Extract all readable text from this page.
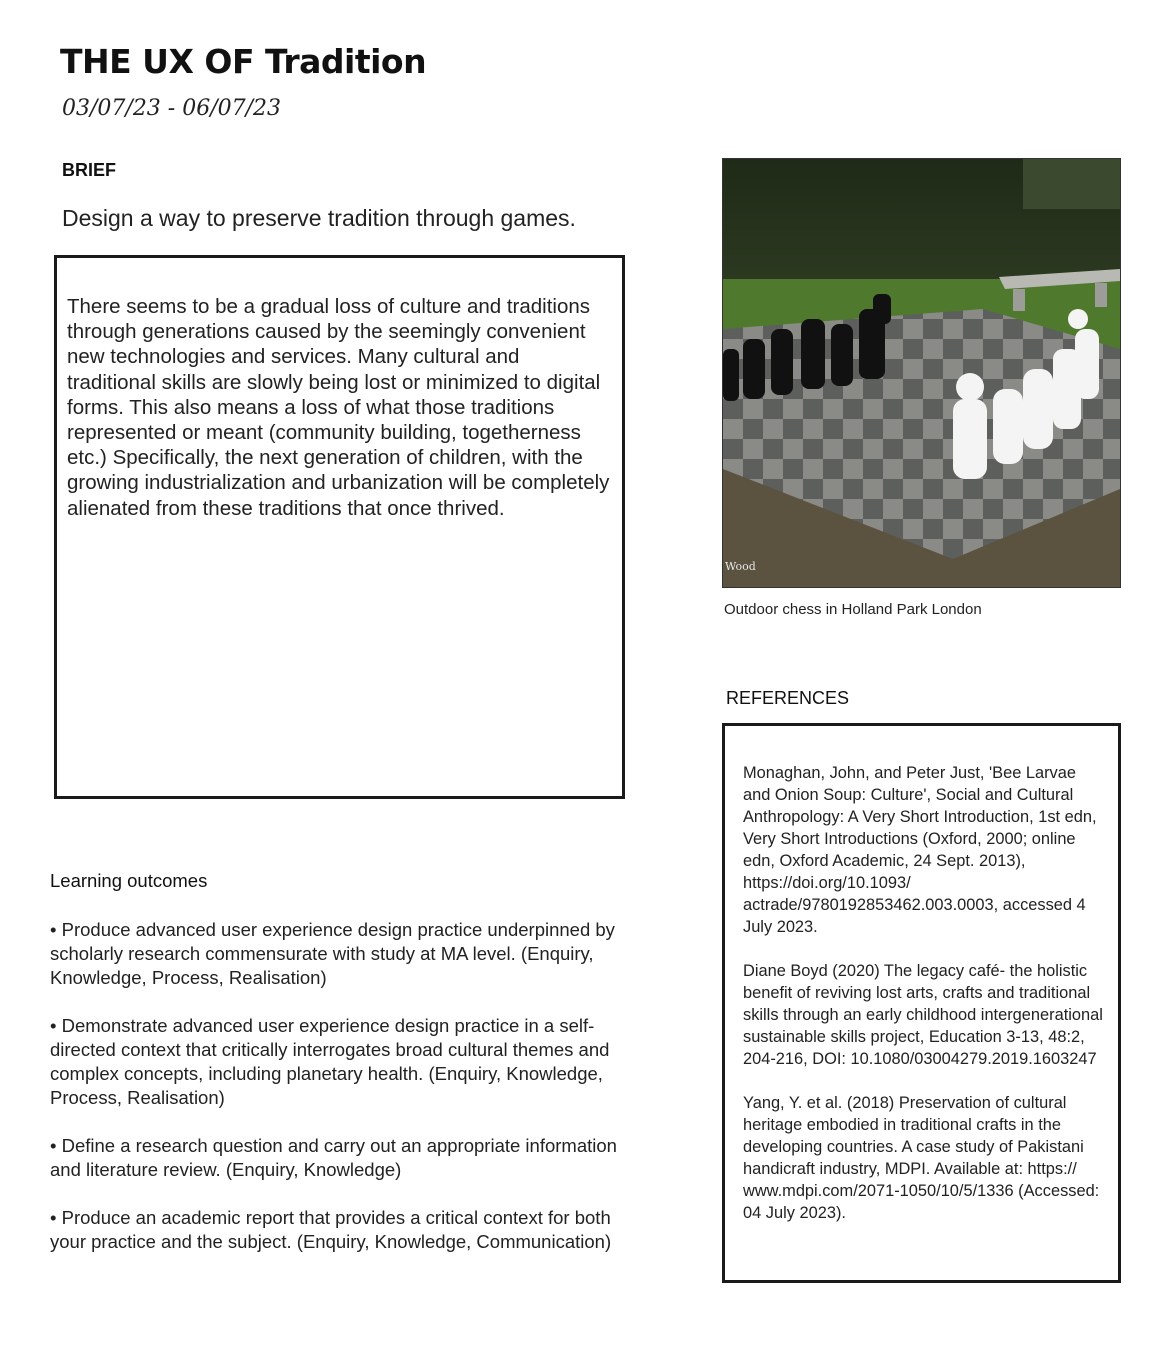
THE UX OF Tradition
03/07/23 - 06/07/23
BRIEF
Design a way to preserve tradition through games.

There seems to be a gradual loss of culture and traditions through generations caused by the seemingly convenient new technologies and services. Many cultural and traditional skills are slowly being lost or minimized to digital forms. This also means a loss of what those traditions represented or meant (community building, togetherness etc.) Specifically, the next generation of children, with the growing industrialization and urbanization will be completely alienated from these traditions that once thrived.

Wood
Outdoor chess in Holland Park London
REFERENCES

Monaghan, John, and Peter Just, 'Bee Larvae and Onion Soup: Culture', Social and Cultural Anthropology: A Very Short Introduction, 1st edn, Very Short Introductions (Oxford, 2000; online edn, Oxford Academic, 24 Sept. 2013), https://doi.org/10.1093/ actrade/9780192853462.003.0003, accessed 4 July 2023.

Diane Boyd (2020) The legacy café- the holistic benefit of reviving lost arts, crafts and traditional skills through an early childhood intergenerational sustainable skills project, Education 3-13, 48:2, 204-216, DOI: 10.1080/03004279.2019.1603247

Yang, Y. et al. (2018) Preservation of cultural heritage embodied in traditional crafts in the developing countries. A case study of Pakistani handicraft industry, MDPI. Available at: https:// www.mdpi.com/2071-1050/10/5/1336 (Accessed: 04 July 2023).

Learning outcomes

• Produce advanced user experience design practice underpinned by scholarly research commensurate with study at MA level. (Enquiry, Knowledge, Process, Realisation)

• Demonstrate advanced user experience design practice in a self-directed context that critically interrogates broad cultural themes and complex concepts, including planetary health. (Enquiry, Knowledge, Process, Realisation)

• Define a research question and carry out an appropriate information and literature review. (Enquiry, Knowledge)

• Produce an academic report that provides a critical context for both your practice and the subject. (Enquiry, Knowledge, Communication)
